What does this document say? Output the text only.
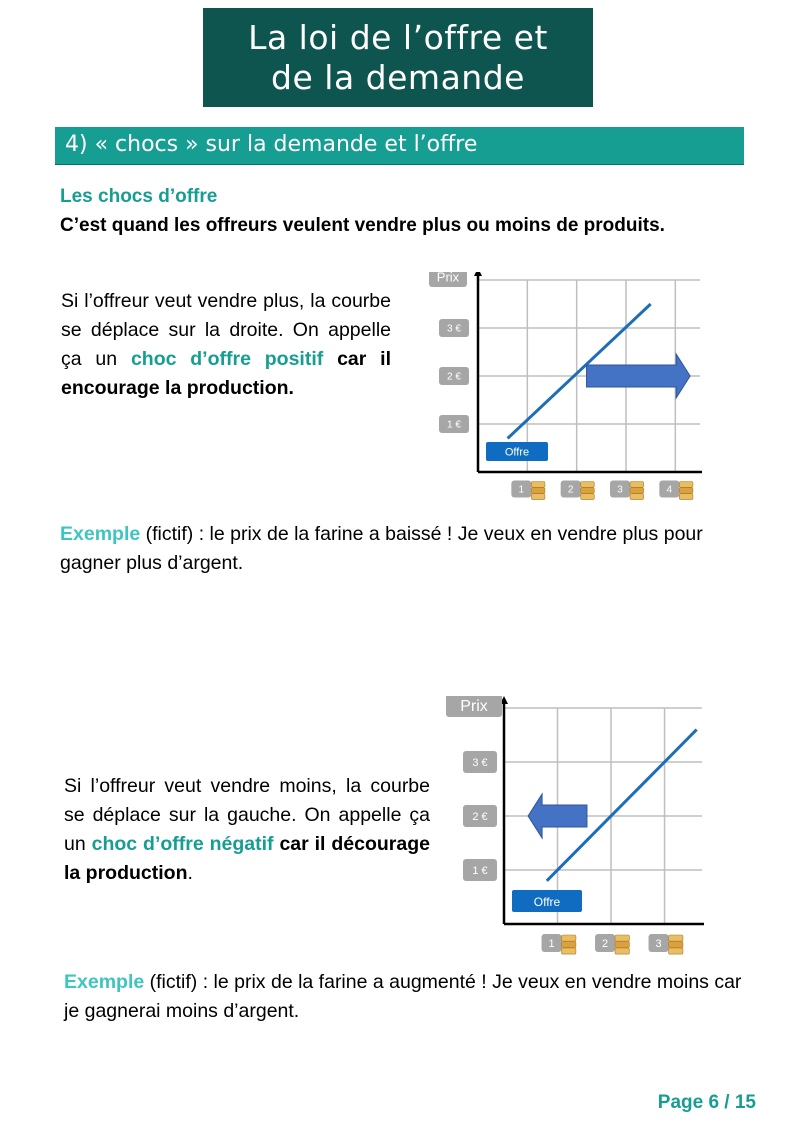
La loi de l’offre et
de la demande
4) « chocs » sur la demande et l’offre
Les chocs d’offre
C’est quand les offreurs veulent vendre plus ou moins de produits.
Si l’offreur veut vendre plus, la courbe se déplace sur la droite. On appelle ça un choc d’offre positif car il encourage la production.
Prix
1 €
2 €
3 €
1	2	3	4
Offre
Exemple (fictif) : le prix de la farine a baissé ! Je veux en vendre plus pour gagner plus d’argent.
Si l’offreur veut vendre moins, la courbe se déplace sur la gauche. On appelle ça un choc d’offre négatif car il décourage la production.
Prix
1 €
2 €
3 €
1	2	3
Offre
Exemple (fictif) : le prix de la farine a augmenté ! Je veux en vendre moins car je gagnerai moins d’argent.
Page 6 / 15
